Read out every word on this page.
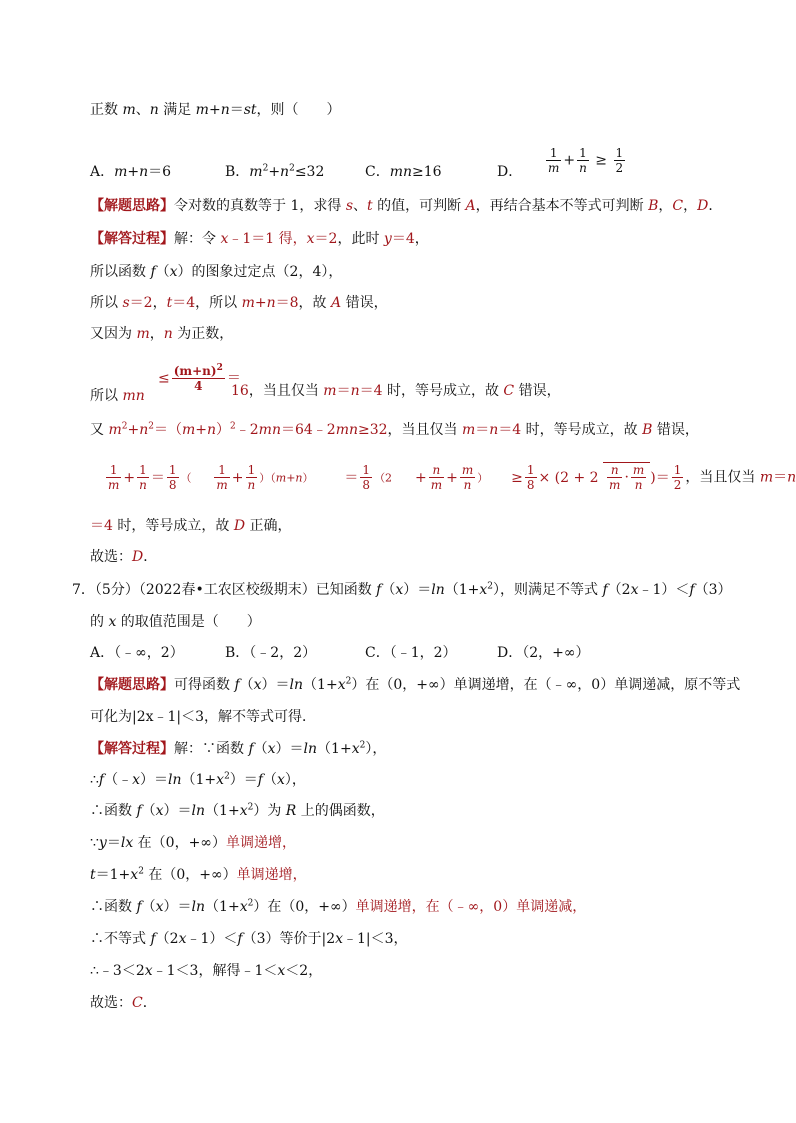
正数 m、n 满足 m+n＝st，则（　　）
A．m+n＝6	B．$m^2+n^2\le 32$	C．mn≥16	D． $\frac{1}{m} + \frac{1}{n} \ge \frac{1}{2}$
【解题思路】令对数的真数等于 1，求得 s、t 的值，可判断 A，再结合基本不等式可判断 B，C，D．
【解答过程】解：令 x﹣1＝1 得，x＝2，此时 y＝4，
所以函数 f（x）的图象过定点（2，4），
所以 s＝2，t＝4，所以 m+n＝8，故 A 错误，
又因为 m，n 为正数，
所以 mn
≤ $\frac{(m+n)^2}{4}$ ＝
16，当且仅当 m＝n＝4 时，等号成立，故 C 错误，
又 $m^2+n^2=(m+n)^2﹣2mn=64﹣2mn\ge 32$，当且仅当 m＝n＝4 时，等号成立，故 B 错误，
$\frac{1}{m} + \frac{1}{n} = \frac{1}{8}$ （ $\frac{1}{m} + \frac{1}{n} )(m+n) = \frac{1}{8} (2 + \frac{n}{m} + \frac{m}{n}$ ） ≥ $\frac{1}{8} \times (2 + 2 \frac{n}{m} \cdot \frac{m}{n}$ )＝ $\frac{1}{2}$ ，当且仅当 m＝n
＝4 时，等号成立，故 D 正确，
故选：D．
7．（5分）（2022春•工农区校级期末）已知函数 $f(x)=\ln(1+x^2)$，则满足不等式 f（2x﹣1）＜f（3）
的 x 的取值范围是（　　）
A．（﹣∞，2）	B．（﹣2，2）	C．（﹣1，2）	D．（2，+∞）
【解题思路】可得函数 $f(x)=\ln(1+x^2)$在（0，+∞）单调递增，在（﹣∞，0）单调递减，原不等式
可化为|2x﹣1|＜3，解不等式可得．
【解答过程】解：∵函数 $f(x)=\ln(1+x^2)$，
$\therefore f(﹣x)=\ln(1+x^2)=f(x)$，
∴函数 $f(x)=\ln(1+x^2)$为 R 上的偶函数，
∵y＝lx 在（0，+∞）单调递增，
$t=1+x^2$ 在（0，+∞）单调递增，
∴函数 $f(x)=\ln(1+x^2)$在（0，+∞）单调递增，在（﹣∞，0）单调递减，
∴不等式 f（2x﹣1）＜f（3）等价于|2x﹣1|＜3，
∴﹣3＜2x﹣1＜3，解得﹣1＜x＜2，
故选：C．
